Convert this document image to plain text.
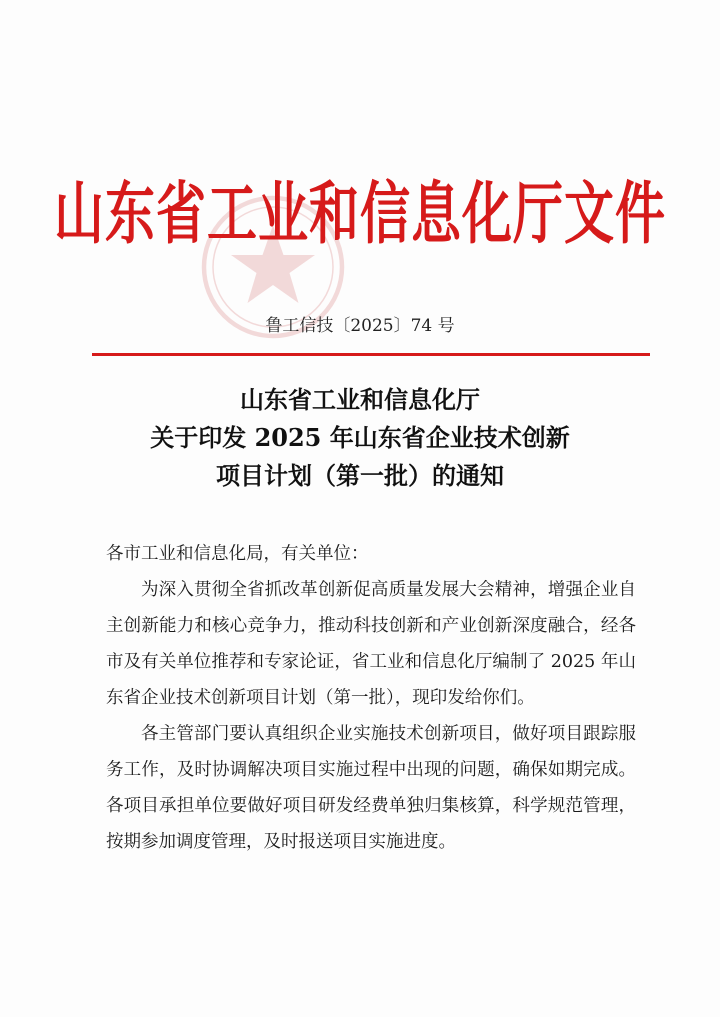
山东省工业和信息化厅文件
鲁工信技〔2025〕74 号
山东省工业和信息化厅
关于印发 2025 年山东省企业技术创新
项目计划（第一批）的通知

各市工业和信息化局，有关单位：

为深入贯彻全省抓改革创新促高质量发展大会精神，增强企业自主创新能力和核心竞争力，推动科技创新和产业创新深度融合，经各市及有关单位推荐和专家论证，省工业和信息化厅编制了 2025 年山东省企业技术创新项目计划（第一批），现印发给你们。

各主管部门要认真组织企业实施技术创新项目，做好项目跟踪服务工作，及时协调解决项目实施过程中出现的问题，确保如期完成。各项目承担单位要做好项目研发经费单独归集核算，科学规范管理，按期参加调度管理，及时报送项目实施进度。
